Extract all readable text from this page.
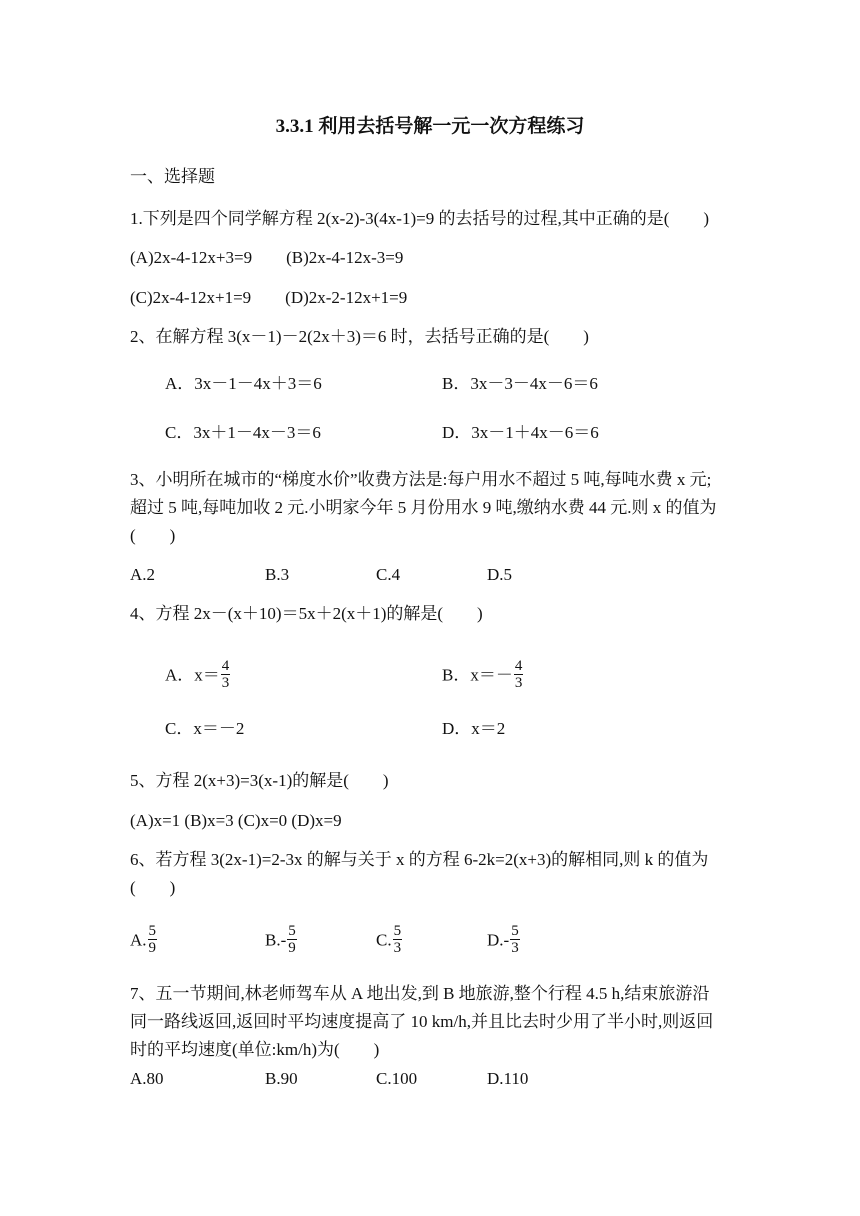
3.3.1 利用去括号解一元一次方程练习
一、选择题
1.下列是四个同学解方程 2(x-2)-3(4x-1)=9 的去括号的过程,其中正确的是(　　)
(A)2x-4-12x+3=9  (B)2x-4-12x-3=9
(C)2x-4-12x+1=9  (D)2x-2-12x+1=9
2、在解方程 3(x－1)－2(2x＋3)＝6 时，去括号正确的是(　　)
A．3x－1－4x＋3＝6	B．3x－3－4x－6＝6
C．3x＋1－4x－3＝6	D．3x－1＋4x－6＝6
3、小明所在城市的“梯度水价”收费方法是:每户用水不超过 5 吨,每吨水费 x 元;
超过 5 吨,每吨加收 2 元.小明家今年 5 月份用水 9 吨,缴纳水费 44 元.则 x 的值为
(　　)
A.2	B.3	C.4	D.5
4、方程 2x－(x＋10)＝5x＋2(x＋1)的解是(　　)
A．$x= \frac{4}{3}$	B．$x=- \frac{4}{3}$
C．x＝－2	D．x＝2
5、方程 2(x+3)=3(x-1)的解是(　　)
(A)x=1 (B)x=3 (C)x=0 (D)x=9
6、若方程 3(2x-1)=2-3x 的解与关于 x 的方程 6-2k=2(x+3)的解相同,则 k 的值为
(　　)
A. $\frac{5}{9}$	$B.- \frac{5}{9}$	C. $\frac{5}{3}$	$D.- \frac{5}{3}$
7、五一节期间,林老师驾车从 A 地出发,到 B 地旅游,整个行程 4.5 h,结束旅游沿
同一路线返回,返回时平均速度提高了 10 km/h,并且比去时少用了半小时,则返回
时的平均速度(单位:km/h)为(　　)
A.80	B.90	C.100	D.110
